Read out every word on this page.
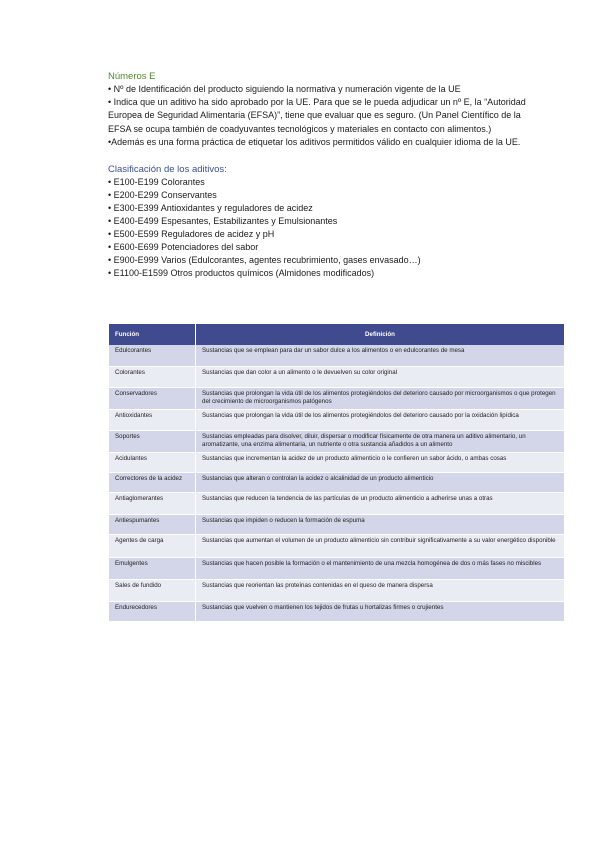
Números E

• Nº de Identificación del producto siguiendo la normativa y numeración vigente de la UE

• Indica que un aditivo ha sido aprobado por la UE. Para que se le pueda adjudicar un nº E, la “Autoridad Europea de Seguridad Alimentaria (EFSA)”, tiene que evaluar que es seguro. (Un Panel Científico de la EFSA se ocupa también de coadyuvantes tecnológicos y materiales en contacto con alimentos.)

•Además es una forma práctica de etiquetar los aditivos permitidos válido en cualquier idioma de la UE.

Clasificación de los aditivos:

• E100-E199 Colorantes
• E200-E299 Conservantes
• E300-E399 Antioxidantes y reguladores de acidez
• E400-E499 Espesantes, Estabilizantes y Emulsionantes
• E500-E599 Reguladores de acidez y pH
• E600-E699 Potenciadores del sabor
• E900-E999 Varios (Edulcorantes, agentes recubrimiento, gases envasado…)
• E1100-E1599 Otros productos químicos (Almidones modificados)
Función	Definición
Edulcorantes	Sustancias que se emplean para dar un sabor dulce a los alimentos o en edulcorantes de mesa
Colorantes	Sustancias que dan color a un alimento o le devuelven su color original
Conservadores	Sustancias que prolongan la vida útil de los alimentos protegiéndolos del deterioro causado por microorganismos o que protegen del crecimiento de microorganismos patógenos
Antioxidantes	Sustancias que prolongan la vida útil de los alimentos protegiéndolos del deterioro causado por la oxidación lipídica
Soportes	Sustancias empleadas para disolver, diluir, dispersar o modificar físicamente de otra manera un aditivo alimentario, un aromatizante, una enzima alimentaria, un nutriente o otra sustancia añadidos a un alimento
Acidulantes	Sustancias que incrementan la acidez de un producto alimenticio o le confieren un sabor ácido, o ambas cosas
Correctores de la acidez	Sustancias que alteran o controlan la acidez o alcalinidad de un producto alimenticio
Antiaglomerantes	Sustancias que reducen la tendencia de las partículas de un producto alimenticio a adherirse unas a otras
Antiespumantes	Sustancias que impiden o reducen la formación de espuma
Agentes de carga	Sustancias que aumentan el volumen de un producto alimenticio sin contribuir significativamente a su valor energético disponible
Emulgentes	Sustancias que hacen posible la formación o el mantenimiento de una mezcla homogénea de dos o más fases no miscibles
Sales de fundido	Sustancias que reorientan las proteínas contenidas en el queso de manera dispersa
Endurecedores	Sustancias que vuelven o mantienen los tejidos de frutas u hortalizas firmes o crujientes
